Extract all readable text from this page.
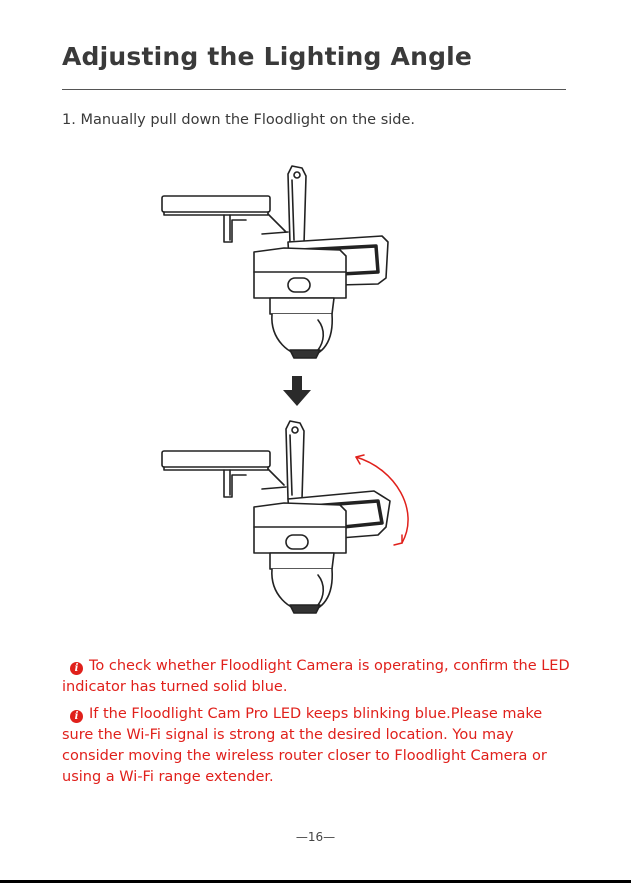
Adjusting the Lighting Angle
1. Manually pull down the Floodlight on the side.
i To check whether Floodlight Camera is operating, confirm the LED indicator has turned solid blue.
i If the Floodlight Cam Pro LED keeps blinking blue.Please make sure the Wi-Fi signal is strong at the desired location. You may consider moving the wireless router closer to Floodlight Camera or using a Wi-Fi range extender.
—16—
